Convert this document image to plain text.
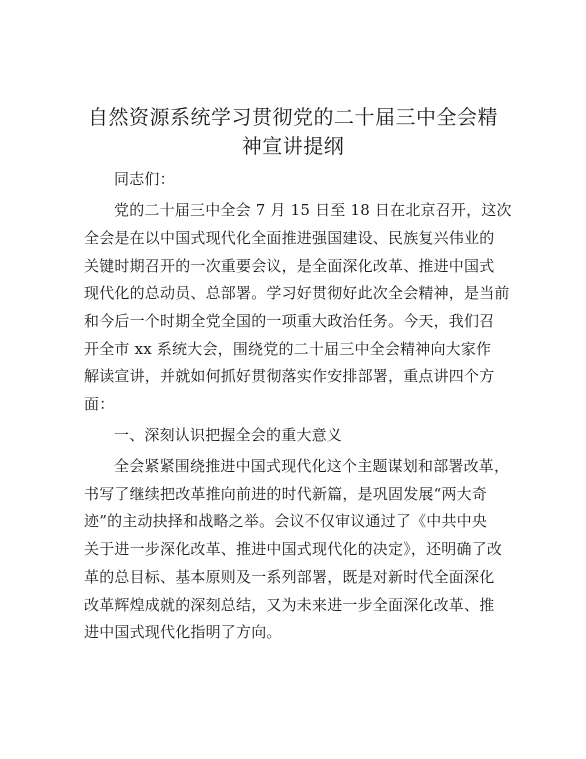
自然资源系统学习贯彻党的二十届三中全会精
神宣讲提纲
同志们：
党的二十届三中全会 7 月 15 日至 18 日在北京召开，这次
全会是在以中国式现代化全面推进强国建设、民族复兴伟业的
关键时期召开的一次重要会议，是全面深化改革、推进中国式
现代化的总动员、总部署。学习好贯彻好此次全会精神，是当前
和今后一个时期全党全国的一项重大政治任务。今天，我们召
开全市 xx 系统大会，围绕党的二十届三中全会精神向大家作
解读宣讲，并就如何抓好贯彻落实作安排部署，重点讲四个方
面：
一、深刻认识把握全会的重大意义
全会紧紧围绕推进中国式现代化这个主题谋划和部署改革，
书写了继续把改革推向前进的时代新篇，是巩固发展“两大奇
迹”的主动抉择和战略之举。会议不仅审议通过了《中共中央
关于进一步深化改革、推进中国式现代化的决定》，还明确了改
革的总目标、基本原则及一系列部署，既是对新时代全面深化
改革辉煌成就的深刻总结，又为未来进一步全面深化改革、推
进中国式现代化指明了方向。
